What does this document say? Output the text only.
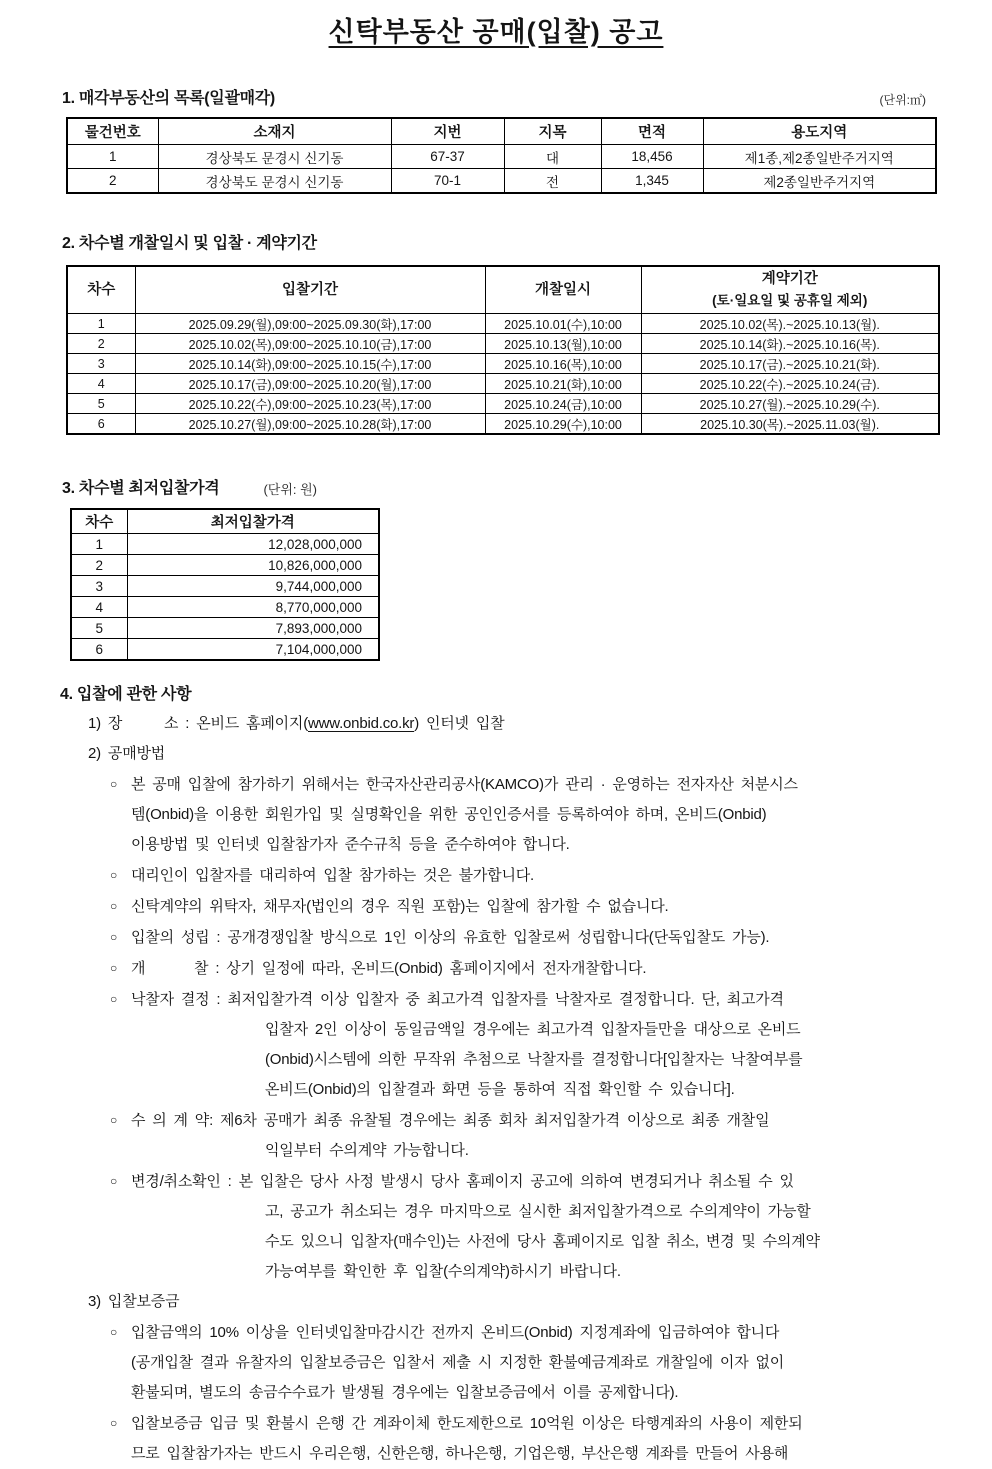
신탁부동산 공매(입찰) 공고
1. 매각부동산의 목록(일괄매각)	(단위:㎡)
물건번호	소재지	지번	지목	면적	용도지역
1	경상북도 문경시 신기동	67-37	대	18,456	제1종,제2종일반주거지역
2	경상북도 문경시 신기동	70-1	전	1,345	제2종일반주거지역
2. 차수별 개찰일시 및 입찰 · 계약기간
차수	입찰기간	개찰일시	계약기간
(토·일요일 및 공휴일 제외)

1	2025.09.29(월),09:00~2025.09.30(화),17:00	2025.10.01(수),10:00	2025.10.02(목).~2025.10.13(월).
2	2025.10.02(목),09:00~2025.10.10(금),17:00	2025.10.13(월),10:00	2025.10.14(화).~2025.10.16(목).
3	2025.10.14(화),09:00~2025.10.15(수),17:00	2025.10.16(목),10:00	2025.10.17(금).~2025.10.21(화).
4	2025.10.17(금),09:00~2025.10.20(월),17:00	2025.10.21(화),10:00	2025.10.22(수).~2025.10.24(금).
5	2025.10.22(수),09:00~2025.10.23(목),17:00	2025.10.24(금),10:00	2025.10.27(월).~2025.10.29(수).
6	2025.10.27(월),09:00~2025.10.28(화),17:00	2025.10.29(수),10:00	2025.10.30(목).~2025.11.03(월).
3. 차수별 최저입찰가격	(단위: 원)
차수	최저입찰가격
1	12,028,000,000
2	10,826,000,000
3	9,744,000,000
4	8,770,000,000
5	7,893,000,000
6	7,104,000,000
4. 입찰에 관한 사항
1) 장      소 : 온비드 홈페이지(www.onbid.co.kr) 인터넷 입찰
2) 공매방법
○ 본 공매 입찰에 참가하기 위해서는 한국자산관리공사(KAMCO)가 관리 · 운영하는 전자자산 처분시스
템(Onbid)을 이용한 회원가입 및 실명확인을 위한 공인인증서를 등록하여야 하며, 온비드(Onbid)
이용방법 및 인터넷 입찰참가자 준수규칙 등을 준수하여야 합니다.
○ 대리인이 입찰자를 대리하여 입찰 참가하는 것은 불가합니다.
○ 신탁계약의 위탁자, 채무자(법인의 경우 직원 포함)는 입찰에 참가할 수 없습니다.
○ 입찰의 성립 : 공개경쟁입찰 방식으로 1인 이상의 유효한 입찰로써 성립합니다(단독입찰도 가능).
○ 개       찰 : 상기 일정에 따라, 온비드(Onbid) 홈페이지에서 전자개찰합니다.
○ 낙찰자 결정 : 최저입찰가격 이상 입찰자 중 최고가격 입찰자를 낙찰자로 결정합니다. 단, 최고가격
입찰자 2인 이상이 동일금액일 경우에는 최고가격 입찰자들만을 대상으로 온비드
(Onbid)시스템에 의한 무작위 추첨으로 낙찰자를 결정합니다[입찰자는 낙찰여부를
온비드(Onbid)의 입찰결과 화면 등을 통하여 직접 확인할 수 있습니다].
○ 수 의 계 약: 제6차 공매가 최종 유찰될 경우에는 최종 회차 최저입찰가격 이상으로 최종 개찰일
익일부터 수의계약 가능합니다.
○ 변경/취소확인 : 본 입찰은 당사 사정 발생시 당사 홈페이지 공고에 의하여 변경되거나 취소될 수 있
고, 공고가 취소되는 경우 마지막으로 실시한 최저입찰가격으로 수의계약이 가능할
수도 있으니 입찰자(매수인)는 사전에 당사 홈페이지로 입찰 취소, 변경 및 수의계약
가능여부를 확인한 후 입찰(수의계약)하시기 바랍니다.
3) 입찰보증금
○ 입찰금액의 10% 이상을 인터넷입찰마감시간 전까지 온비드(Onbid) 지정계좌에 입금하여야 합니다
(공개입찰 결과 유찰자의 입찰보증금은 입찰서 제출 시 지정한 환불예금계좌로 개찰일에 이자 없이
환불되며, 별도의 송금수수료가 발생될 경우에는 입찰보증금에서 이를 공제합니다).
○ 입찰보증금 입금 및 환불시 은행 간 계좌이체 한도제한으로 10억원 이상은 타행계좌의 사용이 제한되
므로 입찰참가자는 반드시 우리은행, 신한은행, 하나은행, 기업은행, 부산은행 계좌를 만들어 사용해
